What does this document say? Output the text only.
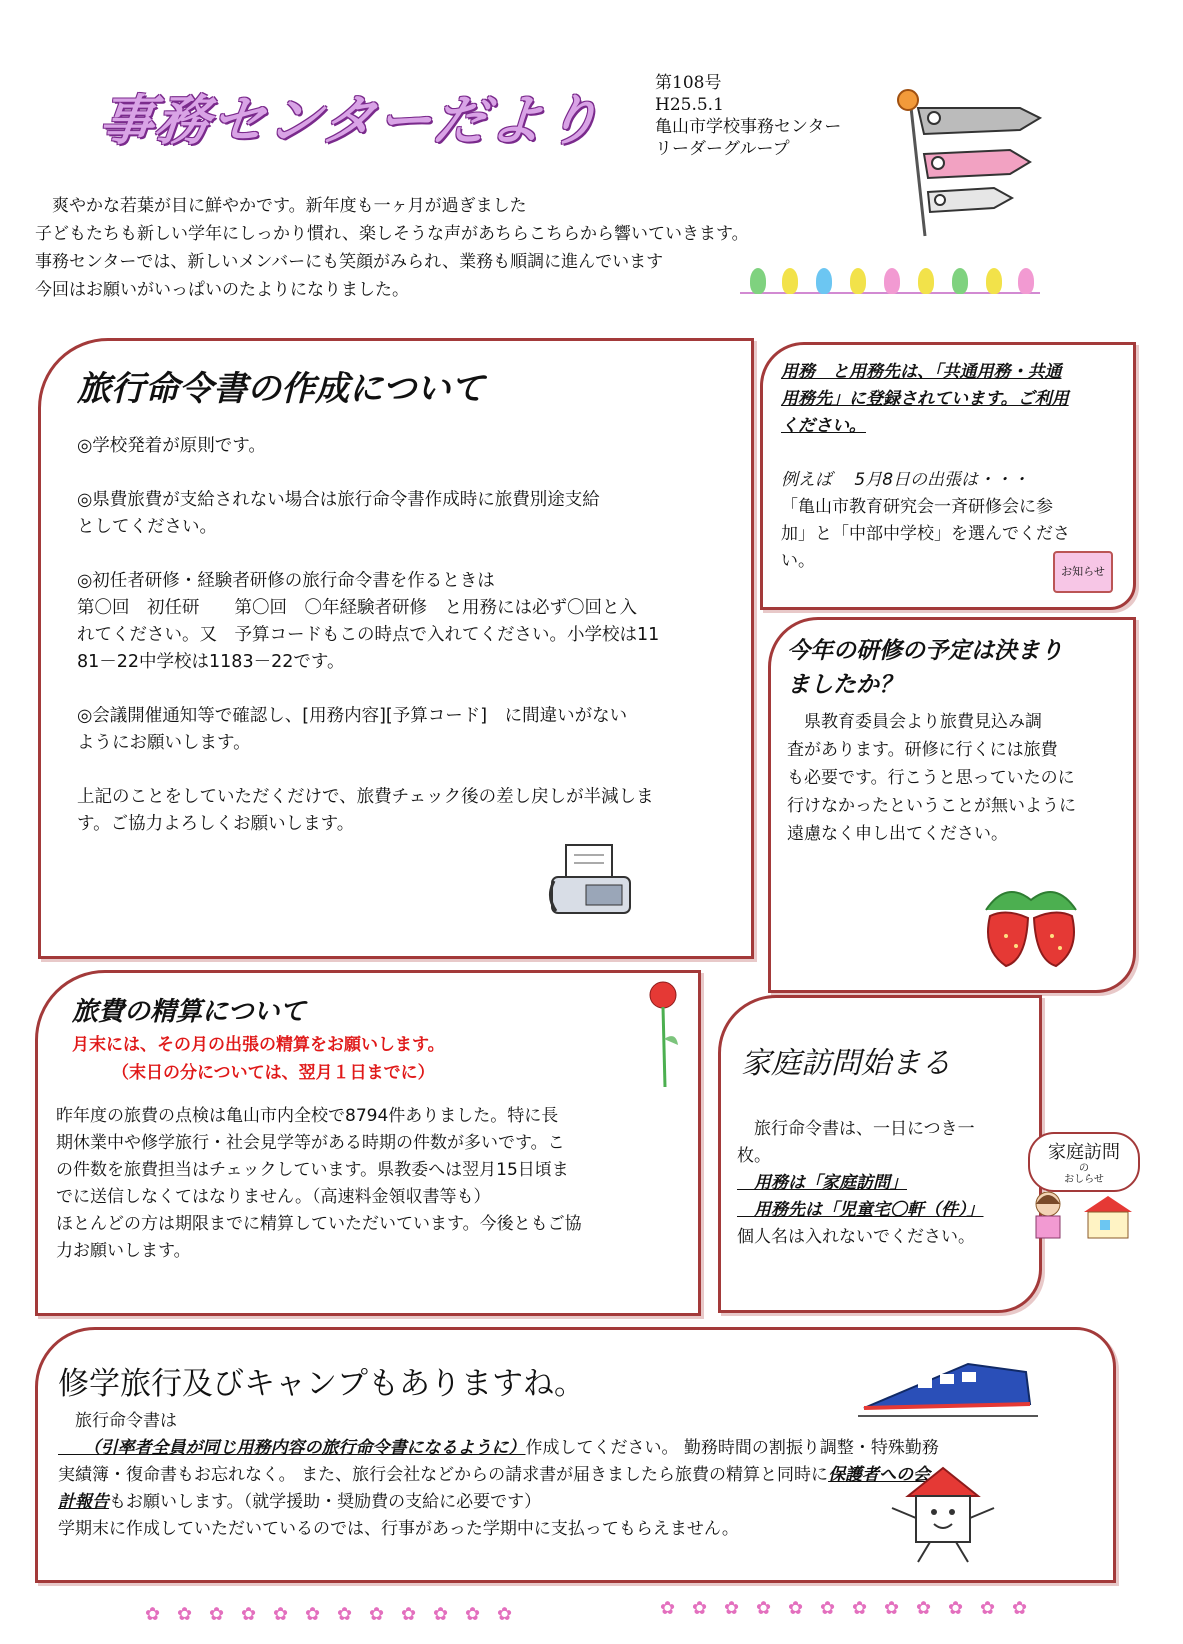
事務センターだより
第108号
H25.5.1
亀山市学校事務センター
リーダーグループ
　爽やかな若葉が目に鮮やかです。新年度も一ヶ月が過ぎました
子どもたちも新しい学年にしっかり慣れ、楽しそうな声があちらこちらから響いていきます。
事務センターでは、新しいメンバーにも笑顔がみられ、業務も順調に進んでいます
今回はお願いがいっぱいのたよりになりました。
旅行命令書の作成について
◎学校発着が原則です。
◎県費旅費が支給されない場合は旅行命令書作成時に旅費別途支給
としてください。
◎初任者研修・経験者研修の旅行命令書を作るときは
第〇回　初任研　　第〇回　〇年経験者研修　と用務には必ず〇回と入
れてください。又　予算コードもこの時点で入れてください。小学校は11
81－22中学校は1183－22です。
◎会議開催通知等で確認し、[用務内容][予算コード]　に間違いがない
ようにお願いします。
上記のことをしていただくだけで、旅費チェック後の差し戻しが半減しま
す。ご協力よろしくお願いします。
用務　と用務先は、「共通用務・共通
用務先」に登録されています。ご利用
ください。
例えば　 5月8日の出張は・・・
「亀山市教育研究会一斉研修会に参
加」と「中部中学校」を選んでくださ
い。
お知らせ
今年の研修の予定は決まり
ましたか？
　県教育委員会より旅費見込み調
査があります。研修に行くには旅費
も必要です。行こうと思っていたのに
行けなかったということが無いように
遠慮なく申し出てください。
旅費の精算について
月末には、その月の出張の精算をお願いします。
（末日の分については、翌月１日までに）
昨年度の旅費の点検は亀山市内全校で8794件ありました。特に長
期休業中や修学旅行・社会見学等がある時期の件数が多いです。こ
の件数を旅費担当はチェックしています。県教委へは翌月15日頃ま
でに送信しなくてはなりません。（高速料金領収書等も）
ほとんどの方は期限までに精算していただいています。今後ともご協
力お願いします。
家庭訪問始まる
　旅行命令書は、一日につき一
枚。
　用務は「家庭訪問」
　用務先は「児童宅〇軒（件）」
個人名は入れないでください。
家庭訪問
の
おしらせ
修学旅行及びキャンプもありますね。
　旅行命令書は
　　（引率者全員が同じ用務内容の旅行命令書になるように）作成してください。 勤務時間の割振り調整・特殊勤務
実績簿・復命書もお忘れなく。 また、旅行会社などからの請求書が届きましたら旅費の精算と同時に保護者への会
計報告もお願いします。（就学援助・奨励費の支給に必要です）
学期末に作成していただいているのでは、行事があった学期中に支払ってもらえません。
✿ ✿ ✿ ✿ ✿ ✿ ✿ ✿ ✿ ✿ ✿ ✿	✿ ✿ ✿ ✿ ✿ ✿ ✿ ✿ ✿ ✿ ✿ ✿
